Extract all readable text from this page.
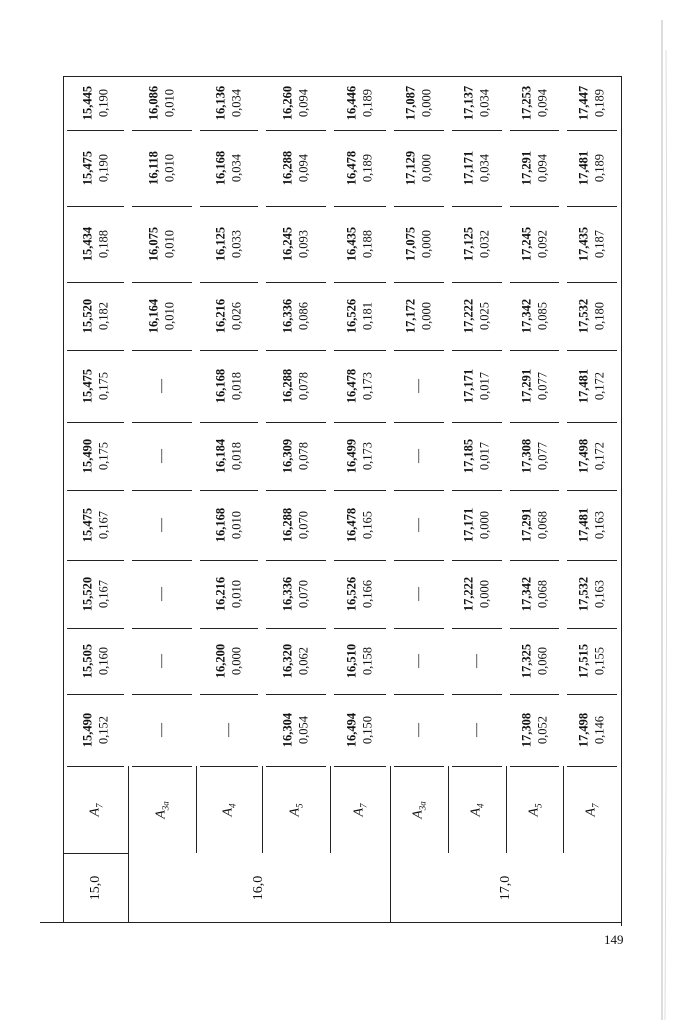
15,445 0,190
15,475 0,190
15,434 0,188
15,520 0,182
15,475 0,175
15,490 0,175
15,475 0,167
15,520 0,167
15,505 0,160
15,490 0,152
$A_7$
16,086 0,010
16,118 0,010
16,075 0,010
16,164 0,010
—
—
—
—
—
—
$A_{3a}$
16,136 0,034
16,168 0,034
16,125 0,033
16,216 0,026
16,168 0,018
16,184 0,018
16,168 0,010
16,216 0,010
16,200 0,000
—
$A_4$
16,260 0,094
16,288 0,094
16,245 0,093
16,336 0,086
16,288 0,078
16,309 0,078
16,288 0,070
16,336 0,070
16,320 0,062
16,304 0,054
$A_5$
16,446 0,189
16,478 0,189
16,435 0,188
16,526 0,181
16,478 0,173
16,499 0,173
16,478 0,165
16,526 0,166
16,510 0,158
16,494 0,150
$A_7$
17,087 0,000
17,129 0,000
17,075 0,000
17,172 0,000
—
—
—
—
—
—
$A_{3a}$
17,137 0,034
17,171 0,034
17,125 0,032
17,222 0,025
17,171 0,017
17,185 0,017
17,171 0,000
17,222 0,000
—
—
$A_4$
17,253 0,094
17,291 0,094
17,245 0,092
17,342 0,085
17,291 0,077
17,308 0,077
17,291 0,068
17,342 0,068
17,325 0,060
17,308 0,052
$A_5$
17,447 0,189
17,481 0,189
17,435 0,187
17,532 0,180
17,481 0,172
17,498 0,172
17,481 0,163
17,532 0,163
17,515 0,155
17,498 0,146
$A_7$
15,0	16,0	17,0
149
